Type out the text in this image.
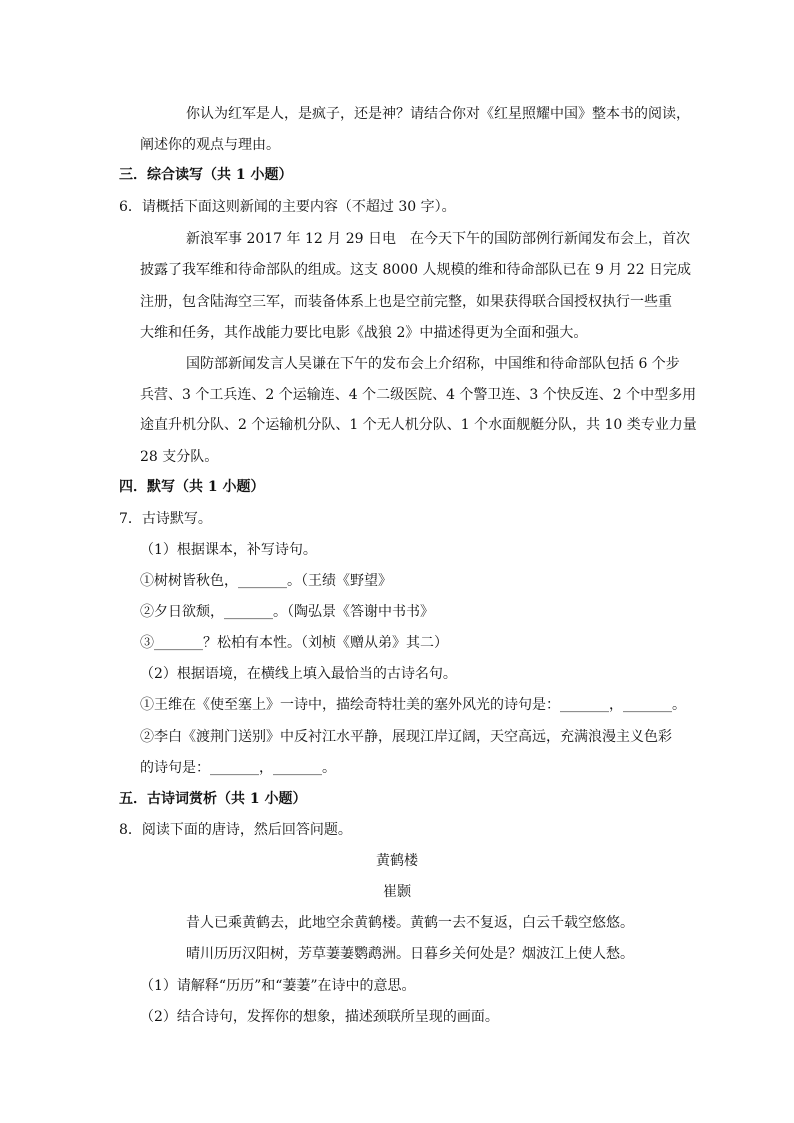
你认为红军是人，是疯子，还是神？请结合你对《红星照耀中国》整本书的阅读，
阐述你的观点与理由。
三．综合读写（共 1 小题）
6．请概括下面这则新闻的主要内容（不超过 30 字）。
新浪军事 2017 年 12 月 29 日电　在今天下午的国防部例行新闻发布会上，首次
披露了我军维和待命部队的组成。这支 8000 人规模的维和待命部队已在 9 月 22 日完成
注册，包含陆海空三军，而装备体系上也是空前完整，如果获得联合国授权执行一些重
大维和任务，其作战能力要比电影《战狼 2》中描述得更为全面和强大。
国防部新闻发言人吴谦在下午的发布会上介绍称，中国维和待命部队包括 6 个步
兵营、3 个工兵连、2 个运输连、4 个二级医院、4 个警卫连、3 个快反连、2 个中型多用
途直升机分队、2 个运输机分队、1 个无人机分队、1 个水面舰艇分队，共 10 类专业力量
28 支分队。
四．默写（共 1 小题）
7．古诗默写。
（1）根据课本，补写诗句。
①树树皆秋色，_______。（王绩《野望》
②夕日欲颓，_______。（陶弘景《答谢中书书》
③_______？松柏有本性。（刘桢《赠从弟》其二）
（2）根据语境，在横线上填入最恰当的古诗名句。
①王维在《使至塞上》一诗中，描绘奇特壮美的塞外风光的诗句是：_______，_______。
②李白《渡荆门送别》中反衬江水平静，展现江岸辽阔，天空高远，充满浪漫主义色彩
的诗句是：_______，_______。
五．古诗词赏析（共 1 小题）
8．阅读下面的唐诗，然后回答问题。
黄鹤楼
崔颢
昔人已乘黄鹤去，此地空余黄鹤楼。黄鹤一去不复返，白云千载空悠悠。
晴川历历汉阳树，芳草萋萋鹦鹉洲。日暮乡关何处是？烟波江上使人愁。
（1）请解释“历历”和“萋萋”在诗中的意思。
（2）结合诗句，发挥你的想象，描述颈联所呈现的画面。
